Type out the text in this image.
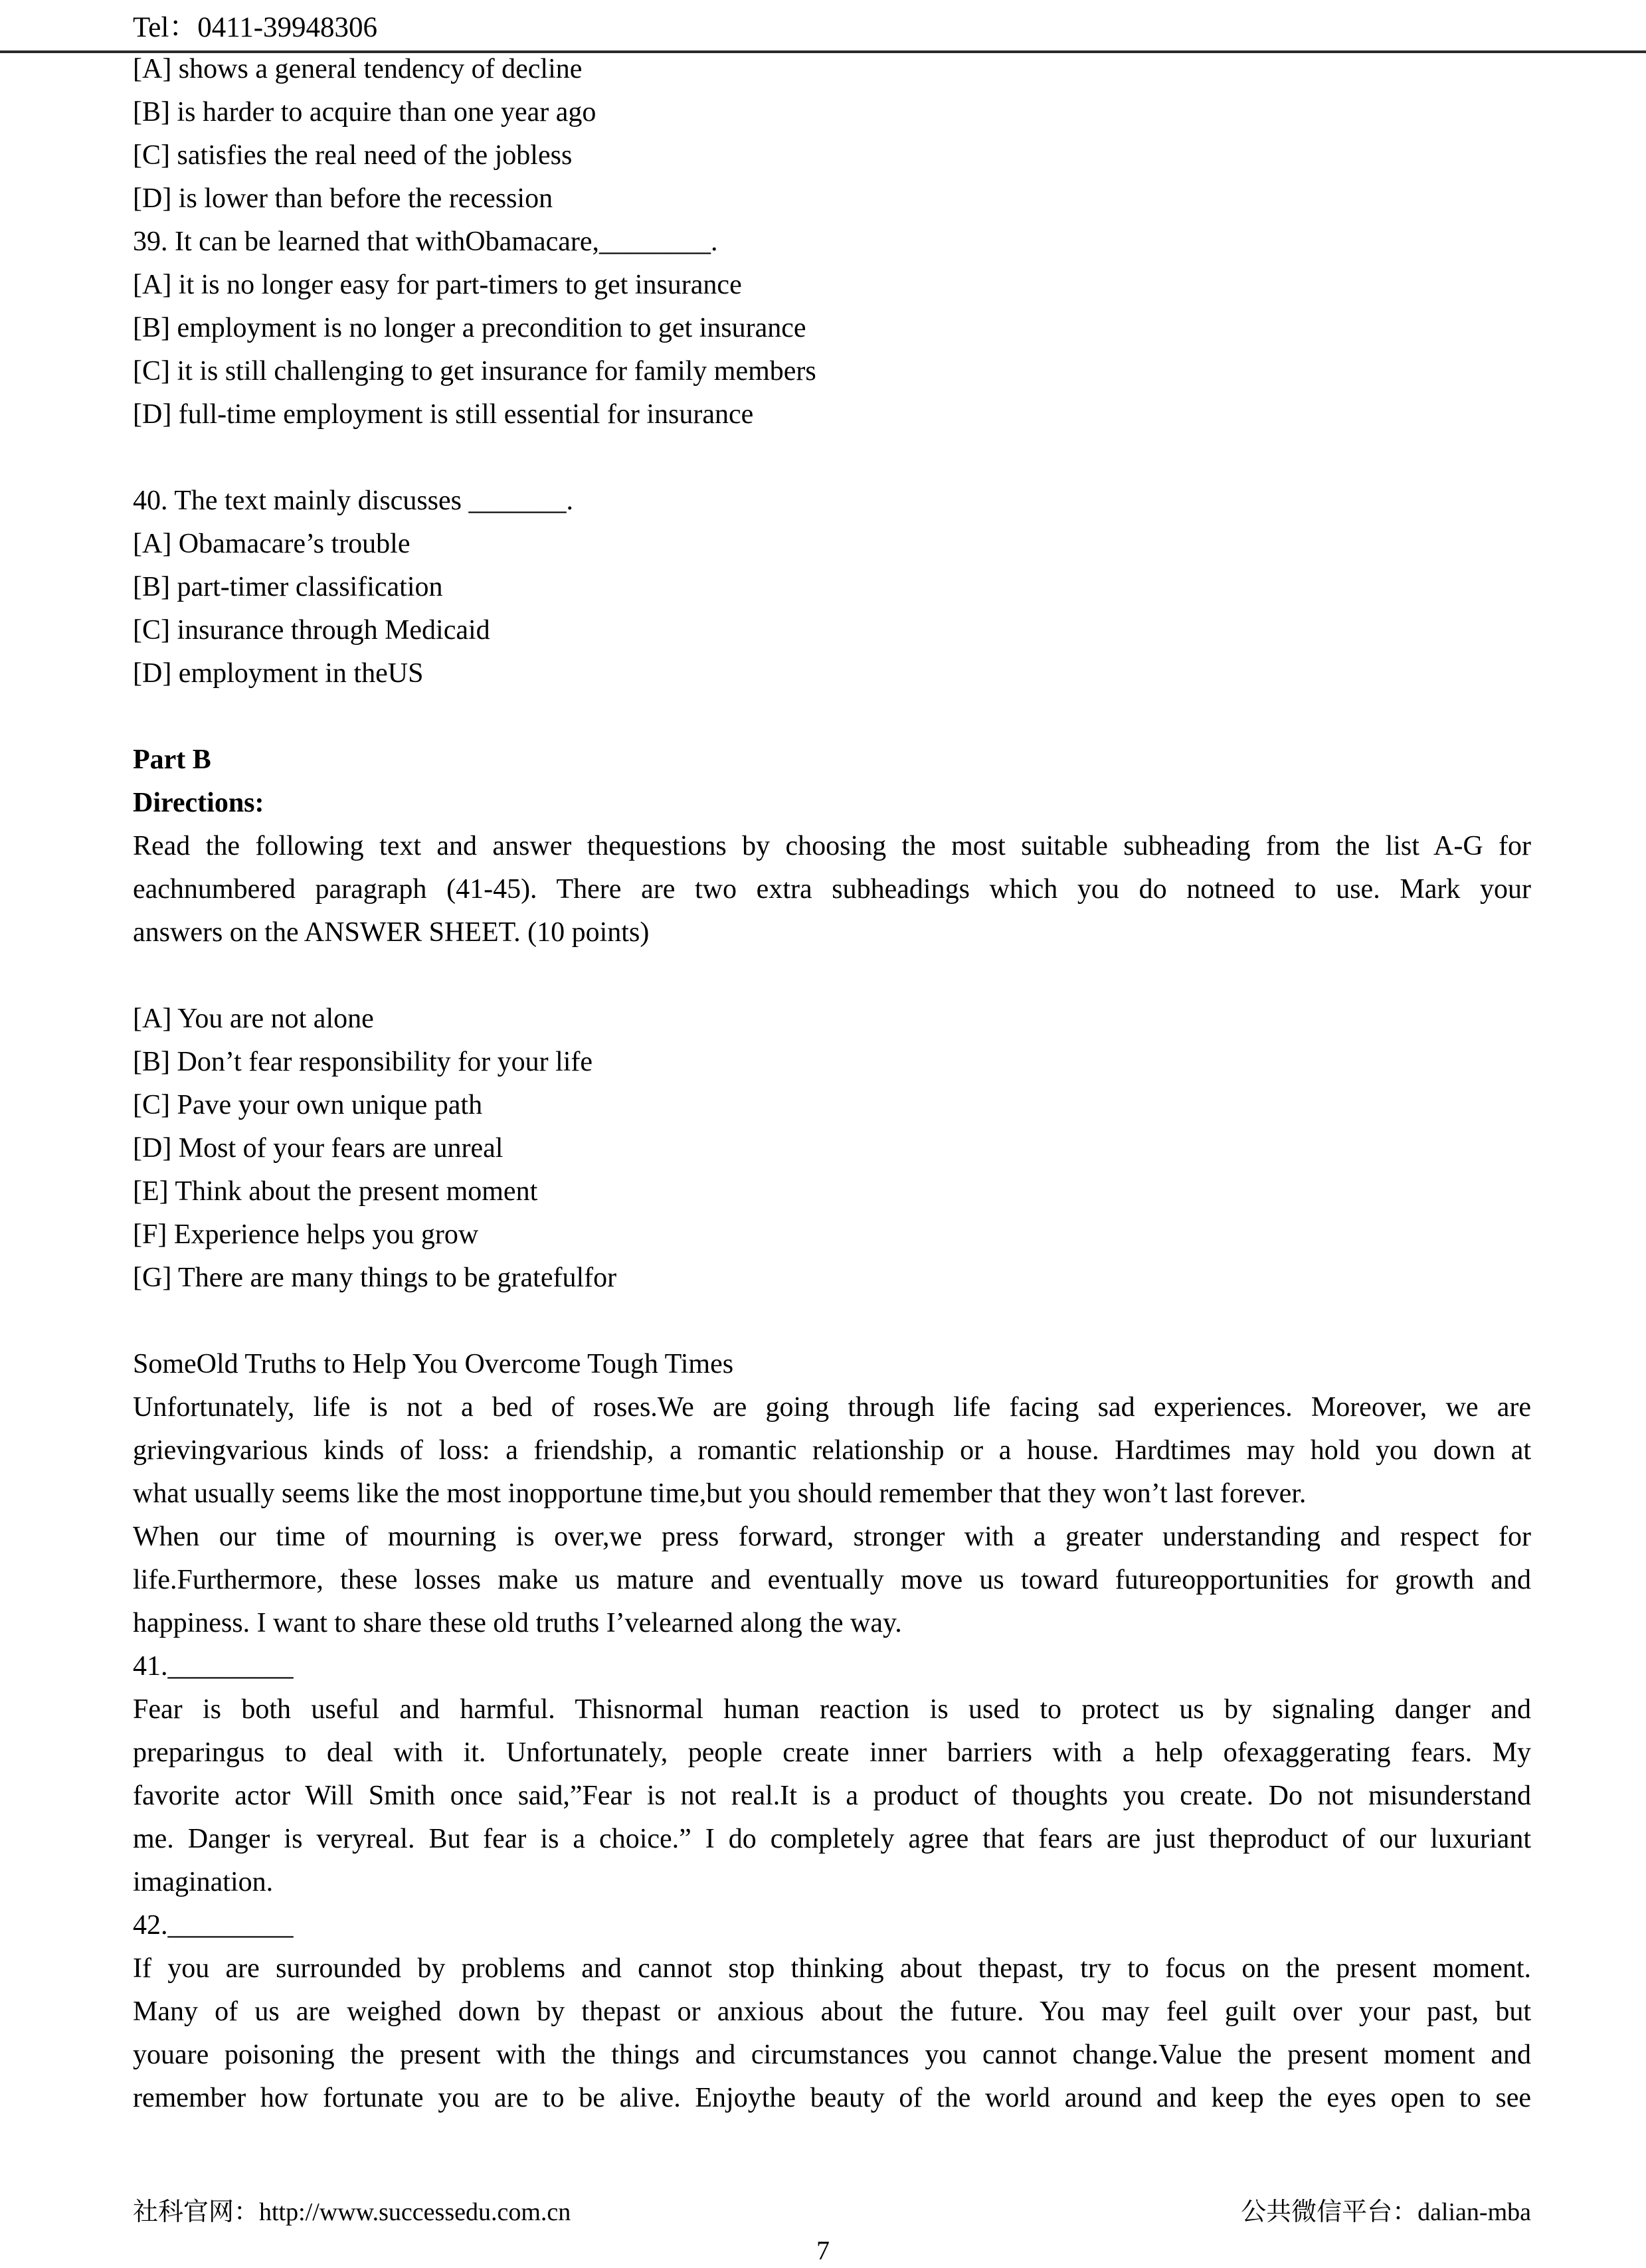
Tel：0411-39948306
[A] shows a general tendency of decline
[B] is harder to acquire than one year ago
[C] satisfies the real need of the jobless
[D] is lower than before the recession
39. It can be learned that withObamacare,________.
[A] it is no longer easy for part-timers to get insurance
[B] employment is no longer a precondition to get insurance
[C] it is still challenging to get insurance for family members
[D] full-time employment is still essential for insurance
40. The text mainly discusses _______.
[A] Obamacare’s trouble
[B] part-timer classification
[C] insurance through Medicaid
[D] employment in theUS
Part B
Directions:
Read the following text and answer thequestions by choosing the most suitable subheading from the list A-G for
eachnumbered paragraph (41-45). There are two extra subheadings which you do notneed to use. Mark your
answers on the ANSWER SHEET. (10 points)
[A] You are not alone
[B] Don’t fear responsibility for your life
[C] Pave your own unique path
[D] Most of your fears are unreal
[E] Think about the present moment
[F] Experience helps you grow
[G] There are many things to be gratefulfor
SomeOld Truths to Help You Overcome Tough Times
Unfortunately, life is not a bed of roses.We are going through life facing sad experiences. Moreover, we are
grievingvarious kinds of loss: a friendship, a romantic relationship or a house. Hardtimes may hold you down at
what usually seems like the most inopportune time,but you should remember that they won’t last forever.
When our time of mourning is over,we press forward, stronger with a greater understanding and respect for
life.Furthermore, these losses make us mature and eventually move us toward futureopportunities for growth and
happiness. I want to share these old truths I’velearned along the way.
41._________
Fear is both useful and harmful. Thisnormal human reaction is used to protect us by signaling danger and
preparingus to deal with it. Unfortunately, people create inner barriers with a help ofexaggerating fears. My
favorite actor Will Smith once said,”Fear is not real.It is a product of thoughts you create. Do not misunderstand
me. Danger is veryreal. But fear is a choice.” I do completely agree that fears are just theproduct of our luxuriant
imagination.
42._________
If you are surrounded by problems and cannot stop thinking about thepast, try to focus on the present moment.
Many of us are weighed down by thepast or anxious about the future. You may feel guilt over your past, but
youare poisoning the present with the things and circumstances you cannot change.Value the present moment and
remember how fortunate you are to be alive. Enjoythe beauty of the world around and keep the eyes open to see
社科官网：http://www.successedu.com.cn	公共微信平台：dalian-mba
7
